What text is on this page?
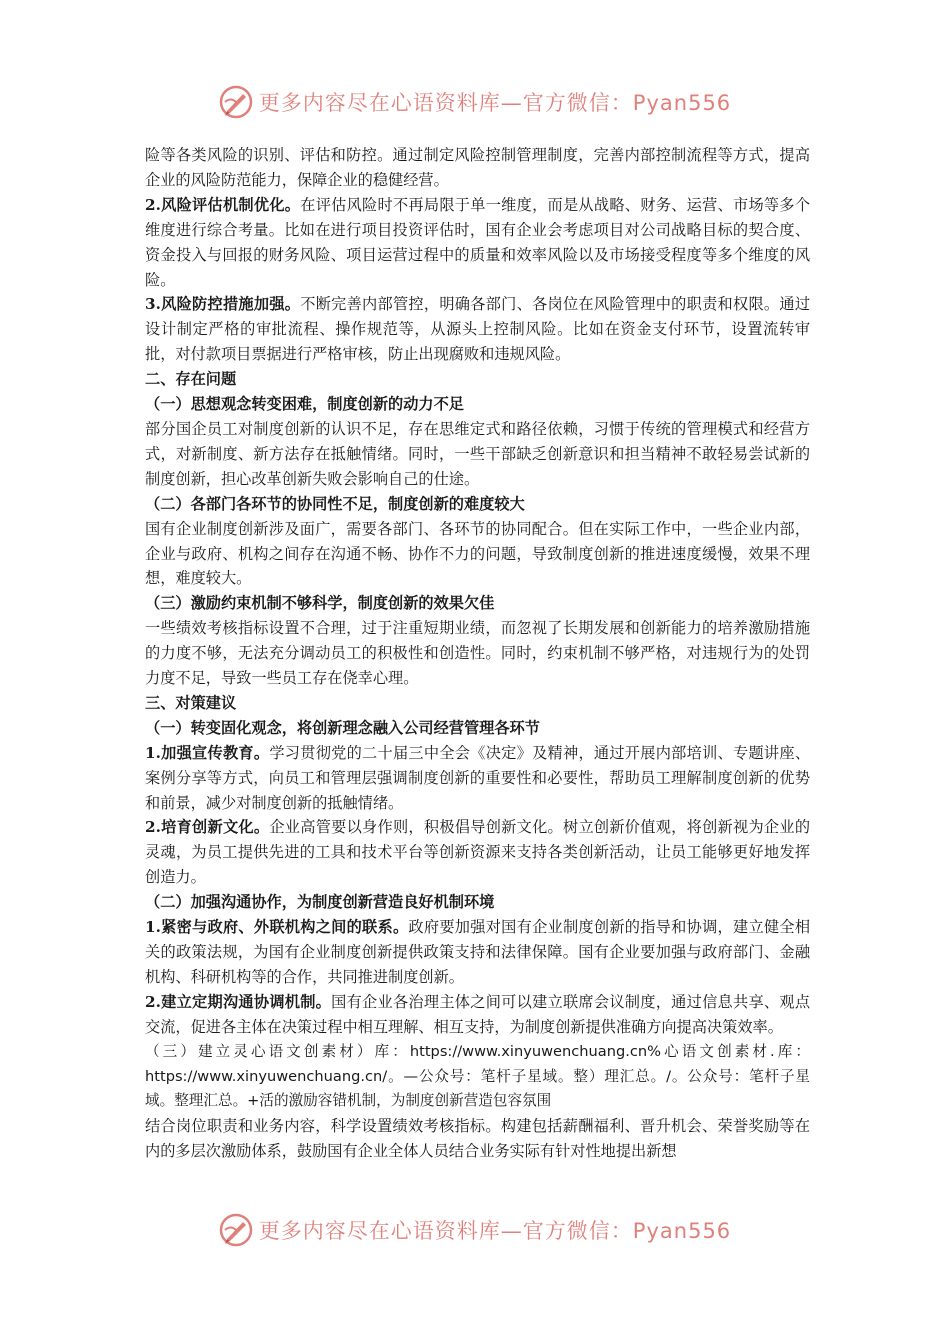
更多内容尽在心语资料库—官方微信：Pyan556

险等各类风险的识别、评估和防控。通过制定风险控制管理制度，完善内部控制流程等方式，提高企业的风险防范能力，保障企业的稳健经营。

2.风险评估机制优化。在评估风险时不再局限于单一维度，而是从战略、财务、运营、市场等多个维度进行综合考量。比如在进行项目投资评估时，国有企业会考虑项目对公司战略目标的契合度、资金投入与回报的财务风险、项目运营过程中的质量和效率风险以及市场接受程度等多个维度的风险。

3.风险防控措施加强。不断完善内部管控，明确各部门、各岗位在风险管理中的职责和权限。通过设计制定严格的审批流程、操作规范等，从源头上控制风险。比如在资金支付环节，设置流转审批，对付款项目票据进行严格审核，防止出现腐败和违规风险。

二、存在问题

（一）思想观念转变困难，制度创新的动力不足

部分国企员工对制度创新的认识不足，存在思维定式和路径依赖，习惯于传统的管理模式和经营方式，对新制度、新方法存在抵触情绪。同时，一些干部缺乏创新意识和担当精神不敢轻易尝试新的制度创新，担心改革创新失败会影响自己的仕途。

（二）各部门各环节的协同性不足，制度创新的难度较大

国有企业制度创新涉及面广，需要各部门、各环节的协同配合。但在实际工作中，一些企业内部，企业与政府、机构之间存在沟通不畅、协作不力的问题，导致制度创新的推进速度缓慢，效果不理想，难度较大。

（三）激励约束机制不够科学，制度创新的效果欠佳

一些绩效考核指标设置不合理，过于注重短期业绩，而忽视了长期发展和创新能力的培养激励措施的力度不够，无法充分调动员工的积极性和创造性。同时，约束机制不够严格，对违规行为的处罚力度不足，导致一些员工存在侥幸心理。

三、对策建议

（一）转变固化观念，将创新理念融入公司经营管理各环节

1.加强宣传教育。学习贯彻党的二十届三中全会《决定》及精神，通过开展内部培训、专题讲座、案例分享等方式，向员工和管理层强调制度创新的重要性和必要性，帮助员工理解制度创新的优势和前景，减少对制度创新的抵触情绪。

2.培育创新文化。企业高管要以身作则，积极倡导创新文化。树立创新价值观，将创新视为企业的灵魂，为员工提供先进的工具和技术平台等创新资源来支持各类创新活动，让员工能够更好地发挥创造力。

（二）加强沟通协作，为制度创新营造良好机制环境

1.紧密与政府、外联机构之间的联系。政府要加强对国有企业制度创新的指导和协调，建立健全相关的政策法规，为国有企业制度创新提供政策支持和法律保障。国有企业要加强与政府部门、金融机构、科研机构等的合作，共同推进制度创新。

2.建立定期沟通协调机制。国有企业各治理主体之间可以建立联席会议制度，通过信息共享、观点交流，促进各主体在决策过程中相互理解、相互支持，为制度创新提供准确方向提高决策效率。

（三）建立灵心语文创素材）库：https://www.xinyuwenchuang.cn%心语文创素材.库：https://www.xinyuwenchuang.cn/。—公众号：笔杆子星域。整）理汇总。/。公众号：笔杆子星域。整理汇总。+活的激励容错机制，为制度创新营造包容氛围

结合岗位职责和业务内容，科学设置绩效考核指标。构建包括薪酬福利、晋升机会、荣誉奖励等在内的多层次激励体系，鼓励国有企业全体人员结合业务实际有针对性地提出新想

更多内容尽在心语资料库—官方微信：Pyan556
